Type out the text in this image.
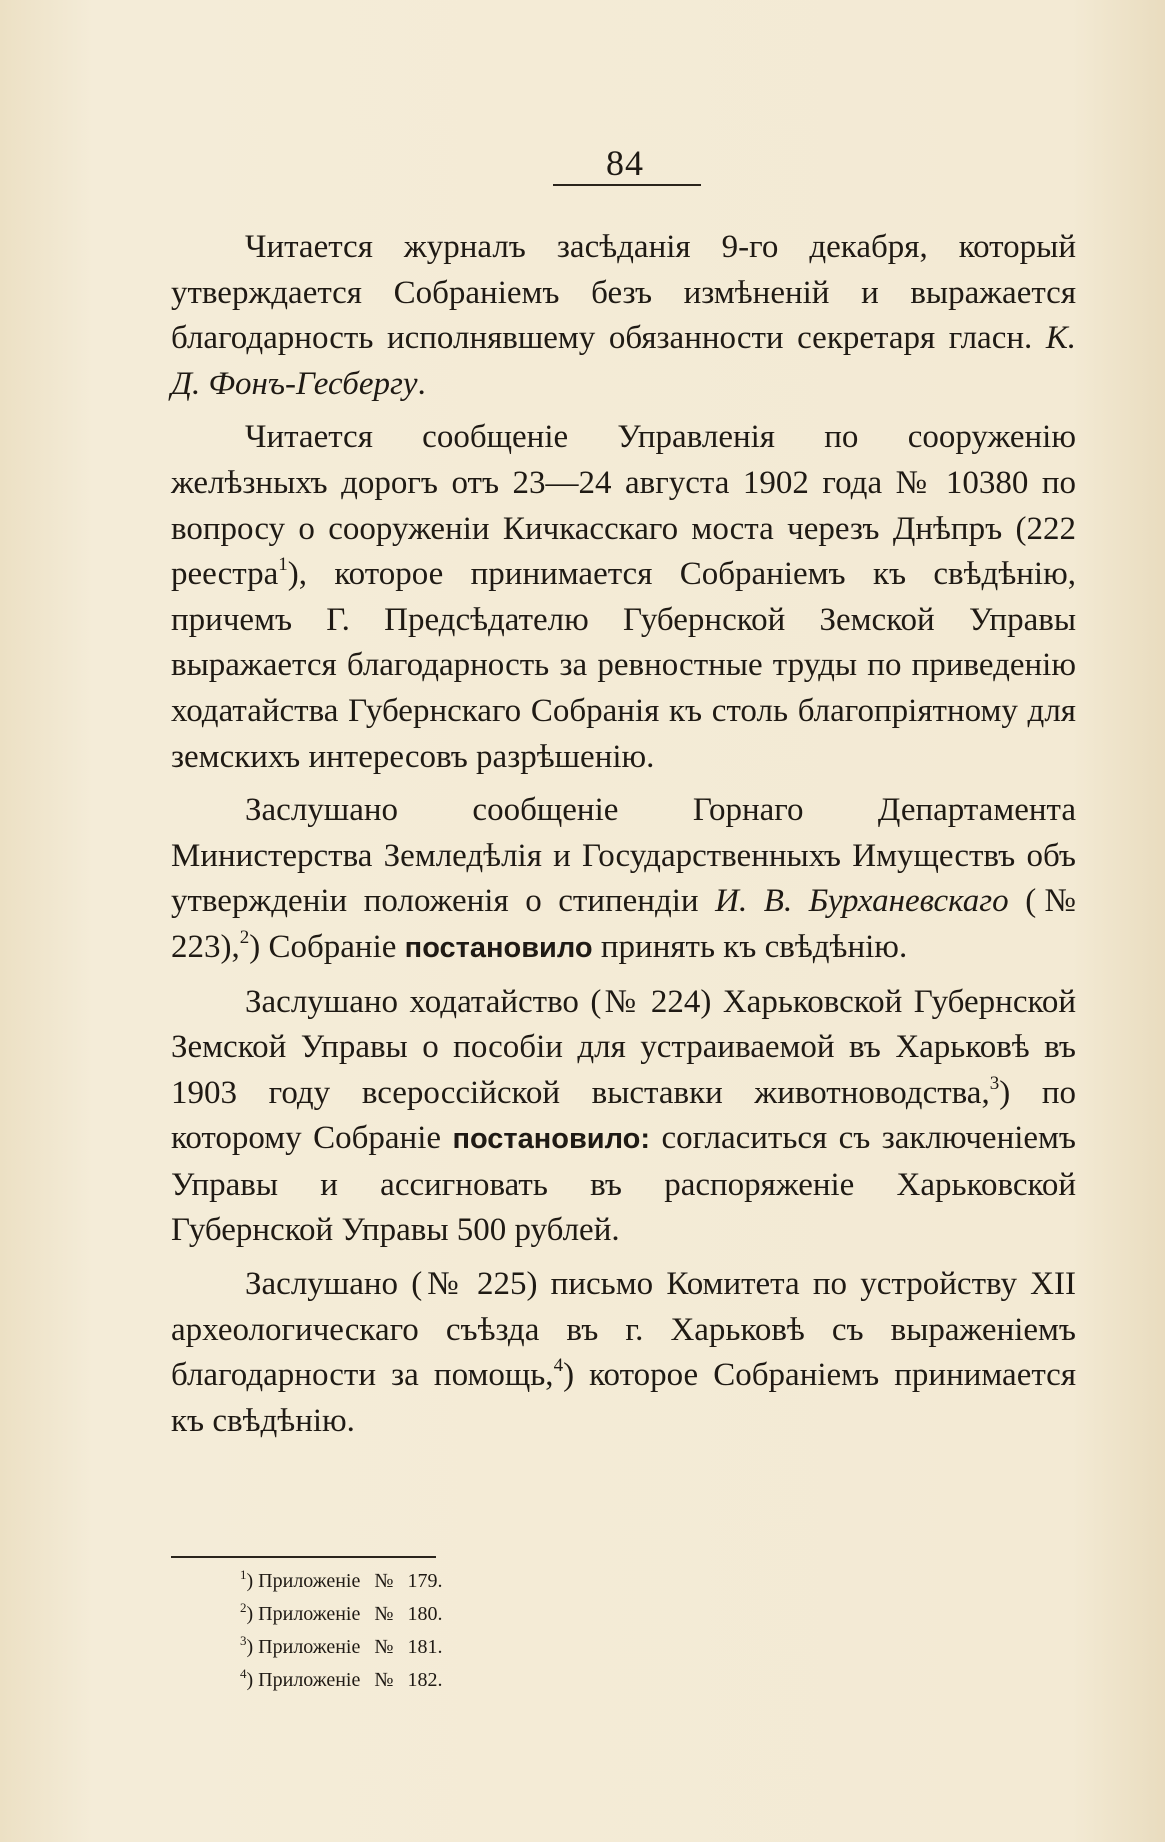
84

Читается журналъ засѣданія 9-го декабря, который утверждается Собраніемъ безъ измѣненій и выражается благодарность исполнявшему обязанности секретаря гласн. К. Д. Фонъ-Гесбергу.

Читается сообщеніе Управленія по сооруженію желѣзныхъ дорогъ отъ 23—24 августа 1902 года № 10380 по вопросу о сооруженіи Кичкасскаго моста черезъ Днѣпръ (222 реестра$^1$), которое принимается Собраніемъ къ свѣдѣнію, причемъ Г. Предсѣдателю Губернской Земской Управы выражается благодарность за ревностные труды по приведенію ходатайства Губернскаго Собранія къ столь благопріятному для земскихъ интересовъ разрѣшенію.

Заслушано сообщеніе Горнаго Департамента Министерства Земледѣлія и Государственныхъ Имуществъ объ утвержденіи положенія о стипендіи И. В. Бурханевскаго (№ 223),$^2$) Собраніе постановило принять къ свѣдѣнію.

Заслушано ходатайство (№ 224) Харьковской Губернской Земской Управы о пособіи для устраиваемой въ Харьковѣ въ 1903 году всероссійской выставки животноводства,$^3$) по которому Собраніе постановило: согласиться съ заключеніемъ Управы и ассигновать въ распоряженіе Харьковской Губернской Управы 500 рублей.

Заслушано (№ 225) письмо Комитета по устройству XII археологическаго съѣзда въ г. Харьковѣ съ выраженіемъ благодарности за помощь,$^4$) которое Собраніемъ принимается къ свѣдѣнію.

$^1$) Приложеніе № 179.
$^2$) Приложеніе № 180.
$^3$) Приложеніе № 181.
$^4$) Приложеніе № 182.
